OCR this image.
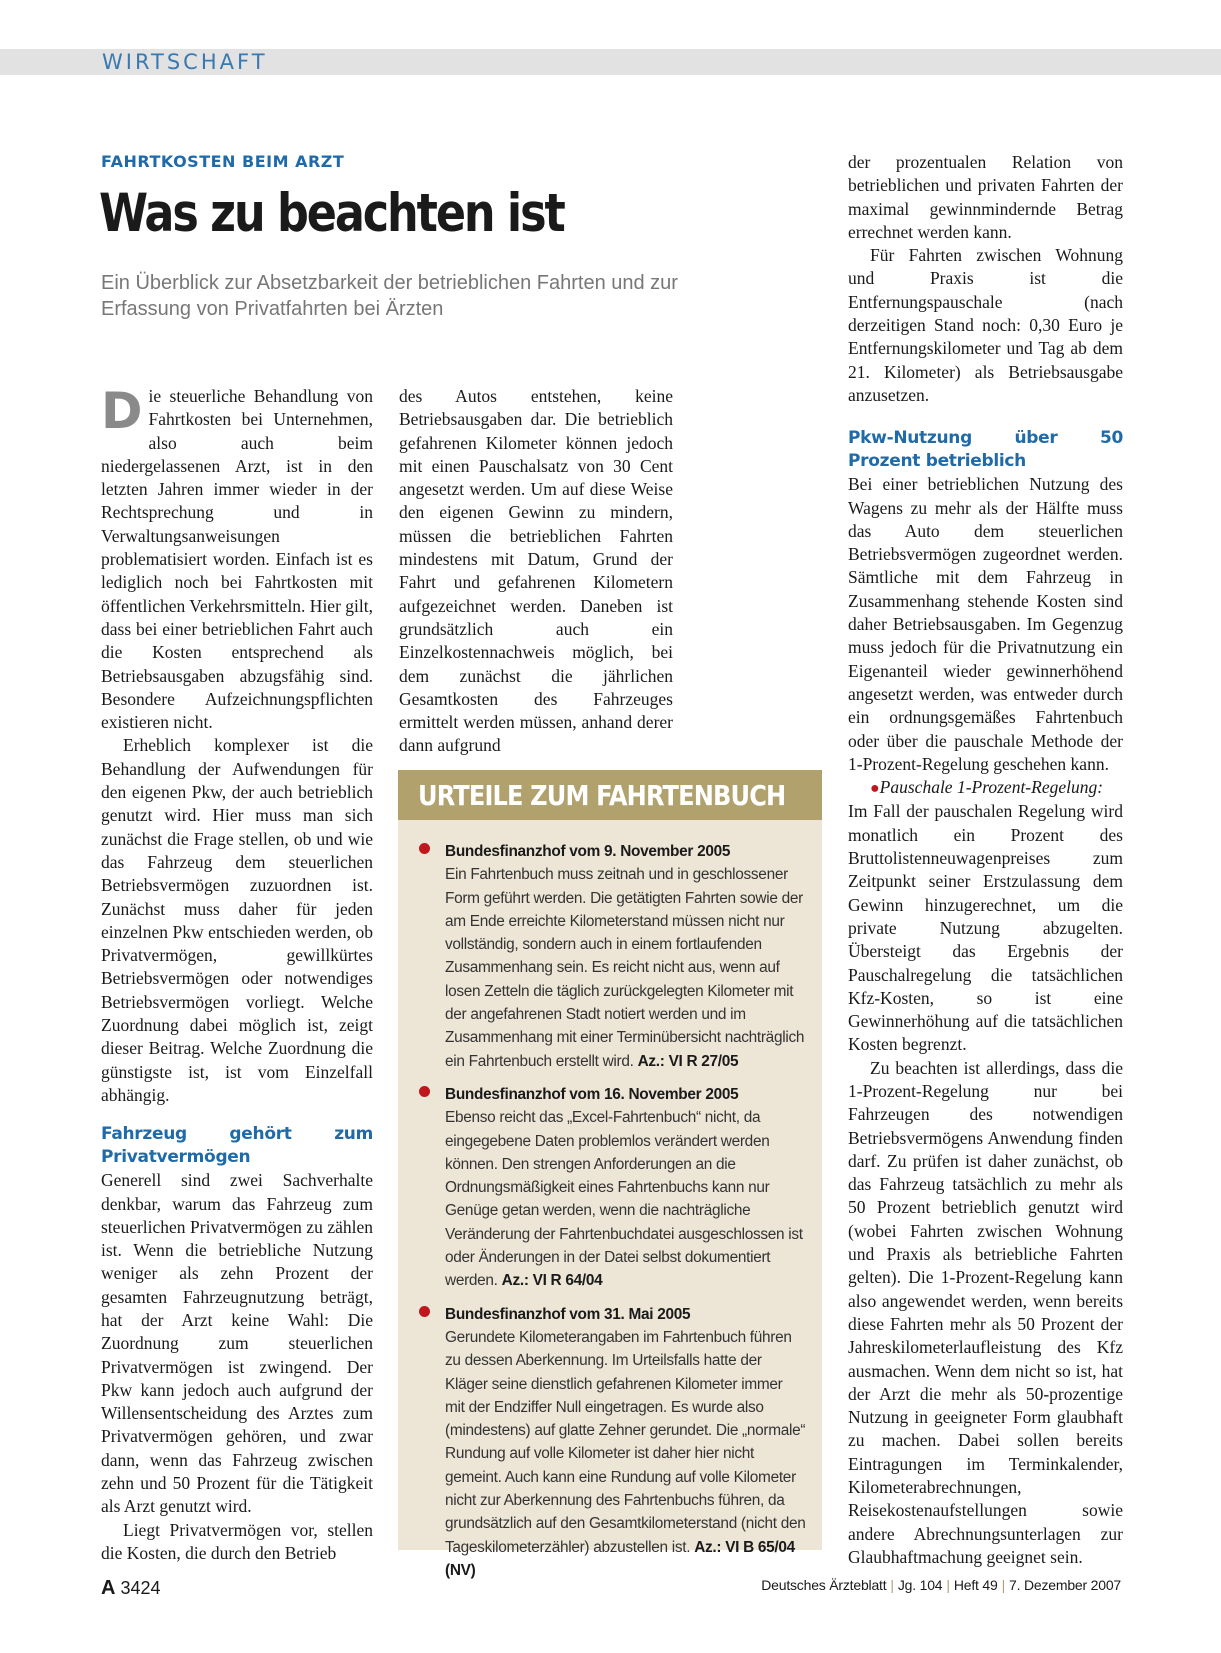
WIRTSCHAFT
FAHRTKOSTEN BEIM ARZT
Was zu beachten ist
Ein Überblick zur Absetzbarkeit der betrieblichen Fahrten und zur Erfassung von Privatfahrten bei Ärzten

Die steuerliche Behandlung von Fahrtkosten bei Unternehmen, also auch beim niedergelassenen Arzt, ist in den letzten Jahren immer wieder in der Rechtsprechung und in Verwaltungsanweisungen problematisiert worden. Einfach ist es lediglich noch bei Fahrtkosten mit öffentlichen Verkehrsmitteln. Hier gilt, dass bei einer betrieblichen Fahrt auch die Kosten entsprechend als Betriebsausgaben abzugsfähig sind. Besondere Aufzeichnungspflichten existieren nicht.

Erheblich komplexer ist die Behandlung der Aufwendungen für den eigenen Pkw, der auch betrieblich genutzt wird. Hier muss man sich zunächst die Frage stellen, ob und wie das Fahrzeug dem steuerlichen Betriebsvermögen zuzuordnen ist. Zunächst muss daher für jeden einzelnen Pkw entschieden werden, ob Privatvermögen, gewillkürtes Betriebsvermögen oder notwendiges Betriebsvermögen vorliegt. Welche Zuordnung dabei möglich ist, zeigt dieser Beitrag. Welche Zuordnung die günstigste ist, ist vom Einzelfall abhängig.

Fahrzeug gehört zum Privatvermögen

Generell sind zwei Sachverhalte denkbar, warum das Fahrzeug zum steuerlichen Privatvermögen zu zählen ist. Wenn die betriebliche Nutzung weniger als zehn Prozent der gesamten Fahrzeugnutzung beträgt, hat der Arzt keine Wahl: Die Zuordnung zum steuerlichen Privatvermögen ist zwingend. Der Pkw kann jedoch auch aufgrund der Willensentscheidung des Arztes zum Privatvermögen gehören, und zwar dann, wenn das Fahrzeug zwischen zehn und 50 Prozent für die Tätigkeit als Arzt genutzt wird.

Liegt Privatvermögen vor, stellen die Kosten, die durch den Betrieb

des Autos entstehen, keine Betriebsausgaben dar. Die betrieblich gefahrenen Kilometer können jedoch mit einen Pauschalsatz von 30 Cent angesetzt werden. Um auf diese Weise den eigenen Gewinn zu mindern, müssen die betrieblichen Fahrten mindestens mit Datum, Grund der Fahrt und gefahrenen Kilometern aufgezeichnet werden. Daneben ist grundsätzlich auch ein Einzelkostennachweis möglich, bei dem zunächst die jährlichen Gesamtkosten des Fahrzeuges ermittelt werden müssen, anhand derer dann aufgrund

URTEILE ZUM FAHRTENBUCH
Bundesfinanzhof vom 9. November 2005
Ein Fahrtenbuch muss zeitnah und in geschlossener Form geführt werden. Die getätigten Fahrten sowie der am Ende erreichte Kilometerstand müssen nicht nur vollständig, sondern auch in einem fortlaufenden Zusammenhang sein. Es reicht nicht aus, wenn auf losen Zetteln die täglich zurückgelegten Kilometer mit der angefahrenen Stadt notiert werden und im Zusammenhang mit einer Terminübersicht nachträglich ein Fahrtenbuch erstellt wird. Az.: VI R 27/05
Bundesfinanzhof vom 16. November 2005
Ebenso reicht das „Excel-Fahrtenbuch“ nicht, da eingegebene Daten problemlos verändert werden können. Den strengen Anforderungen an die Ordnungsmäßigkeit eines Fahrtenbuchs kann nur Genüge getan werden, wenn die nachträgliche Veränderung der Fahrtenbuchdatei ausgeschlossen ist oder Änderungen in der Datei selbst dokumentiert werden. Az.: VI R 64/04
Bundesfinanzhof vom 31. Mai 2005
Gerundete Kilometerangaben im Fahrtenbuch führen zu dessen Aberkennung. Im Urteilsfalls hatte der Kläger seine dienstlich gefahrenen Kilometer immer mit der Endziffer Null eingetragen. Es wurde also (mindestens) auf glatte Zehner gerundet. Die „normale“ Rundung auf volle Kilometer ist daher hier nicht gemeint. Auch kann eine Rundung auf volle Kilometer nicht zur Aberkennung des Fahrtenbuchs führen, da grundsätzlich auf den Gesamtkilometerstand (nicht den Tageskilometerzähler) abzustellen ist. Az.: VI B 65/04 (NV)

der prozentualen Relation von betrieblichen und privaten Fahrten der maximal gewinnmindernde Betrag errechnet werden kann.

Für Fahrten zwischen Wohnung und Praxis ist die Entfernungspauschale (nach derzeitigen Stand noch: 0,30 Euro je Entfernungskilometer und Tag ab dem 21. Kilometer) als Betriebsausgabe anzusetzen.

Pkw-Nutzung über 50 Prozent betrieblich

Bei einer betrieblichen Nutzung des Wagens zu mehr als der Hälfte muss das Auto dem steuerlichen Betriebsvermögen zugeordnet werden. Sämtliche mit dem Fahrzeug in Zusammenhang stehende Kosten sind daher Betriebsausgaben. Im Gegenzug muss jedoch für die Privatnutzung ein Eigenanteil wieder gewinnerhöhend angesetzt werden, was entweder durch ein ordnungsgemäßes Fahrtenbuch oder über die pauschale Methode der 1-Prozent-Regelung geschehen kann.

●Pauschale 1-Prozent-Regelung:

Im Fall der pauschalen Regelung wird monatlich ein Prozent des Bruttolistenneuwagenpreises zum Zeitpunkt seiner Erstzulassung dem Gewinn hinzugerechnet, um die private Nutzung abzugelten. Übersteigt das Ergebnis der Pauschalregelung die tatsächlichen Kfz-Kosten, so ist eine Gewinnerhöhung auf die tatsächlichen Kosten begrenzt.

Zu beachten ist allerdings, dass die 1-Prozent-Regelung nur bei Fahrzeugen des notwendigen Betriebsvermögens Anwendung finden darf. Zu prüfen ist daher zunächst, ob das Fahrzeug tatsächlich zu mehr als 50 Prozent betrieblich genutzt wird (wobei Fahrten zwischen Wohnung und Praxis als betriebliche Fahrten gelten). Die 1-Prozent-Regelung kann also angewendet werden, wenn bereits diese Fahrten mehr als 50 Prozent der Jahreskilometerlaufleistung des Kfz ausmachen. Wenn dem nicht so ist, hat der Arzt die mehr als 50-prozentige Nutzung in geeigneter Form glaubhaft zu machen. Dabei sollen bereits Eintragungen im Terminkalender, Kilometerabrechnungen, Reisekostenaufstellungen sowie andere Abrechnungsunterlagen zur Glaubhaftmachung geeignet sein.

A 3424	Deutsches Ärzteblatt | Jg. 104 | Heft 49 | 7. Dezember 2007
